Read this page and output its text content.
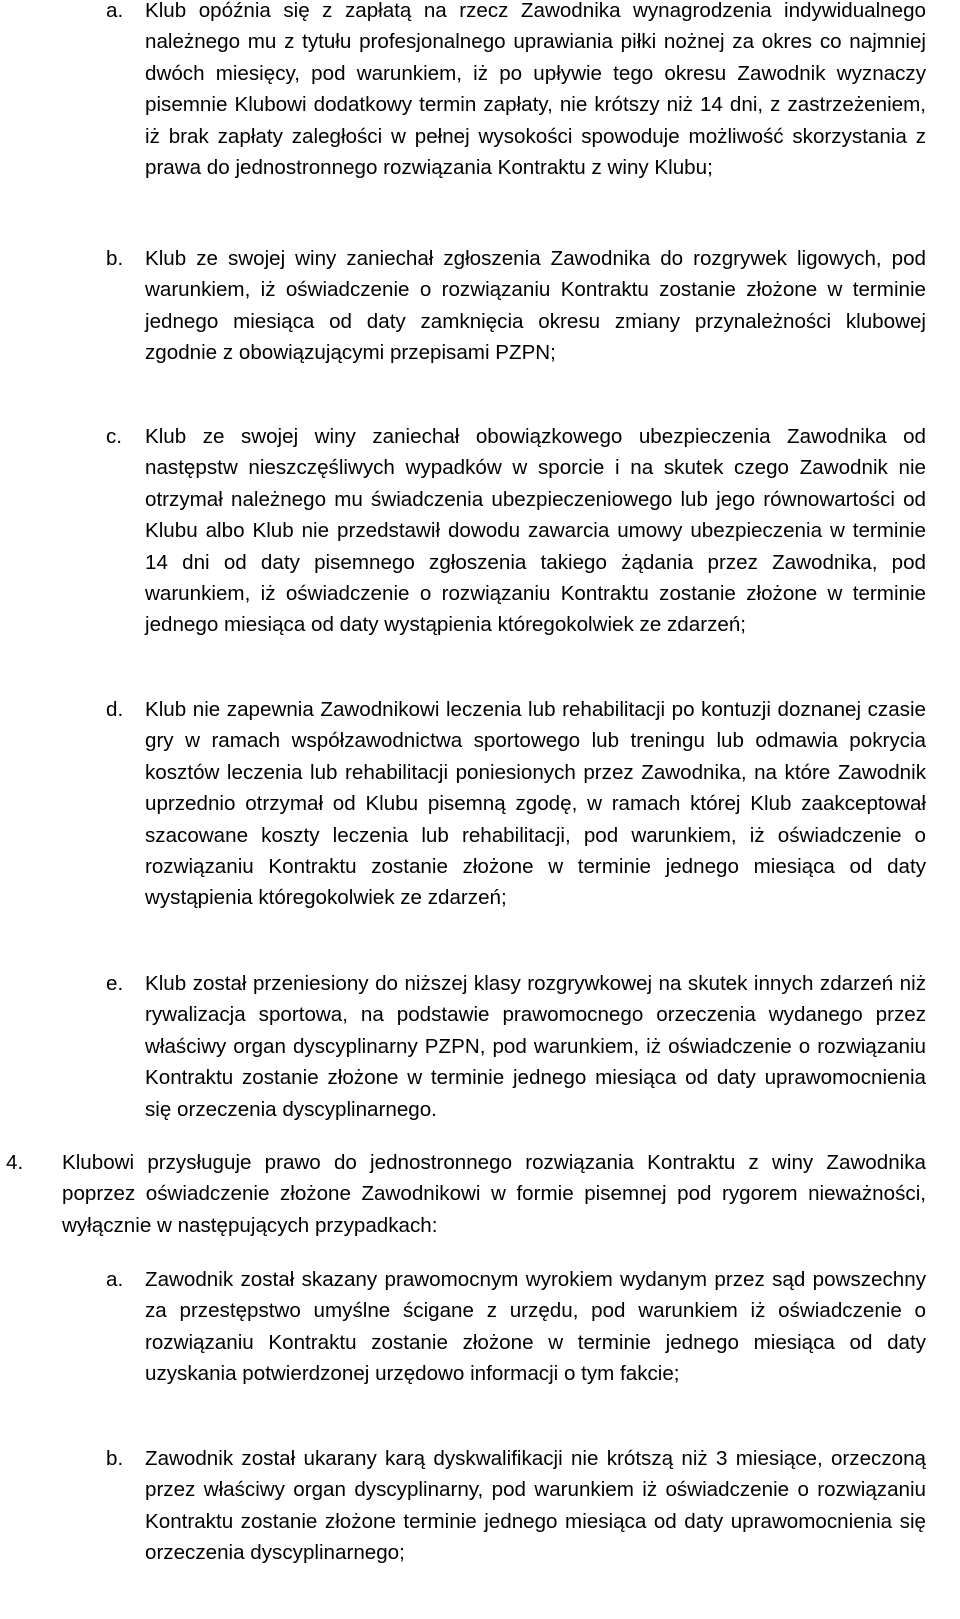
a. Klub opóźnia się z zapłatą na rzecz Zawodnika wynagrodzenia indywidualnego należnego mu z tytułu profesjonalnego uprawiania piłki nożnej za okres co najmniej dwóch miesięcy, pod warunkiem, iż po upływie tego okresu Zawodnik wyznaczy pisemnie Klubowi dodatkowy termin zapłaty, nie krótszy niż 14 dni, z zastrzeżeniem, iż brak zapłaty zaległości w pełnej wysokości spowoduje możliwość skorzystania z prawa do jednostronnego rozwiązania Kontraktu z winy Klubu;
b. Klub ze swojej winy zaniechał zgłoszenia Zawodnika do rozgrywek ligowych, pod warunkiem, iż oświadczenie o rozwiązaniu Kontraktu zostanie złożone w terminie jednego miesiąca od daty zamknięcia okresu zmiany przynależności klubowej zgodnie z obowiązującymi przepisami PZPN;
c. Klub ze swojej winy zaniechał obowiązkowego ubezpieczenia Zawodnika od następstw nieszczęśliwych wypadków w sporcie i na skutek czego Zawodnik nie otrzymał należnego mu świadczenia ubezpieczeniowego lub jego równowartości od Klubu albo Klub nie przedstawił dowodu zawarcia umowy ubezpieczenia w terminie 14 dni od daty pisemnego zgłoszenia takiego żądania przez Zawodnika, pod warunkiem, iż oświadczenie o rozwiązaniu Kontraktu zostanie złożone w terminie jednego miesiąca od daty wystąpienia któregokolwiek ze zdarzeń;
d. Klub nie zapewnia Zawodnikowi leczenia lub rehabilitacji po kontuzji doznanej czasie gry w ramach współzawodnictwa sportowego lub treningu lub odmawia pokrycia kosztów leczenia lub rehabilitacji poniesionych przez Zawodnika, na które Zawodnik uprzednio otrzymał od Klubu pisemną zgodę, w ramach której Klub zaakceptował szacowane koszty leczenia lub rehabilitacji, pod warunkiem, iż oświadczenie o rozwiązaniu Kontraktu zostanie złożone w terminie jednego miesiąca od daty wystąpienia któregokolwiek ze zdarzeń;
e. Klub został przeniesiony do niższej klasy rozgrywkowej na skutek innych zdarzeń niż rywalizacja sportowa, na podstawie prawomocnego orzeczenia wydanego przez właściwy organ dyscyplinarny PZPN, pod warunkiem, iż oświadczenie o rozwiązaniu Kontraktu zostanie złożone w terminie jednego miesiąca od daty uprawomocnienia się orzeczenia dyscyplinarnego.
4. Klubowi przysługuje prawo do jednostronnego rozwiązania Kontraktu z winy Zawodnika poprzez oświadczenie złożone Zawodnikowi w formie pisemnej pod rygorem nieważności, wyłącznie w następujących przypadkach:
a. Zawodnik został skazany prawomocnym wyrokiem wydanym przez sąd powszechny za przestępstwo umyślne ścigane z urzędu, pod warunkiem iż oświadczenie o rozwiązaniu Kontraktu zostanie złożone w terminie jednego miesiąca od daty uzyskania potwierdzonej urzędowo informacji o tym fakcie;
b. Zawodnik został ukarany karą dyskwalifikacji nie krótszą niż 3 miesiące, orzeczoną przez właściwy organ dyscyplinarny, pod warunkiem iż oświadczenie o rozwiązaniu Kontraktu zostanie złożone terminie jednego miesiąca od daty uprawomocnienia się orzeczenia dyscyplinarnego;
